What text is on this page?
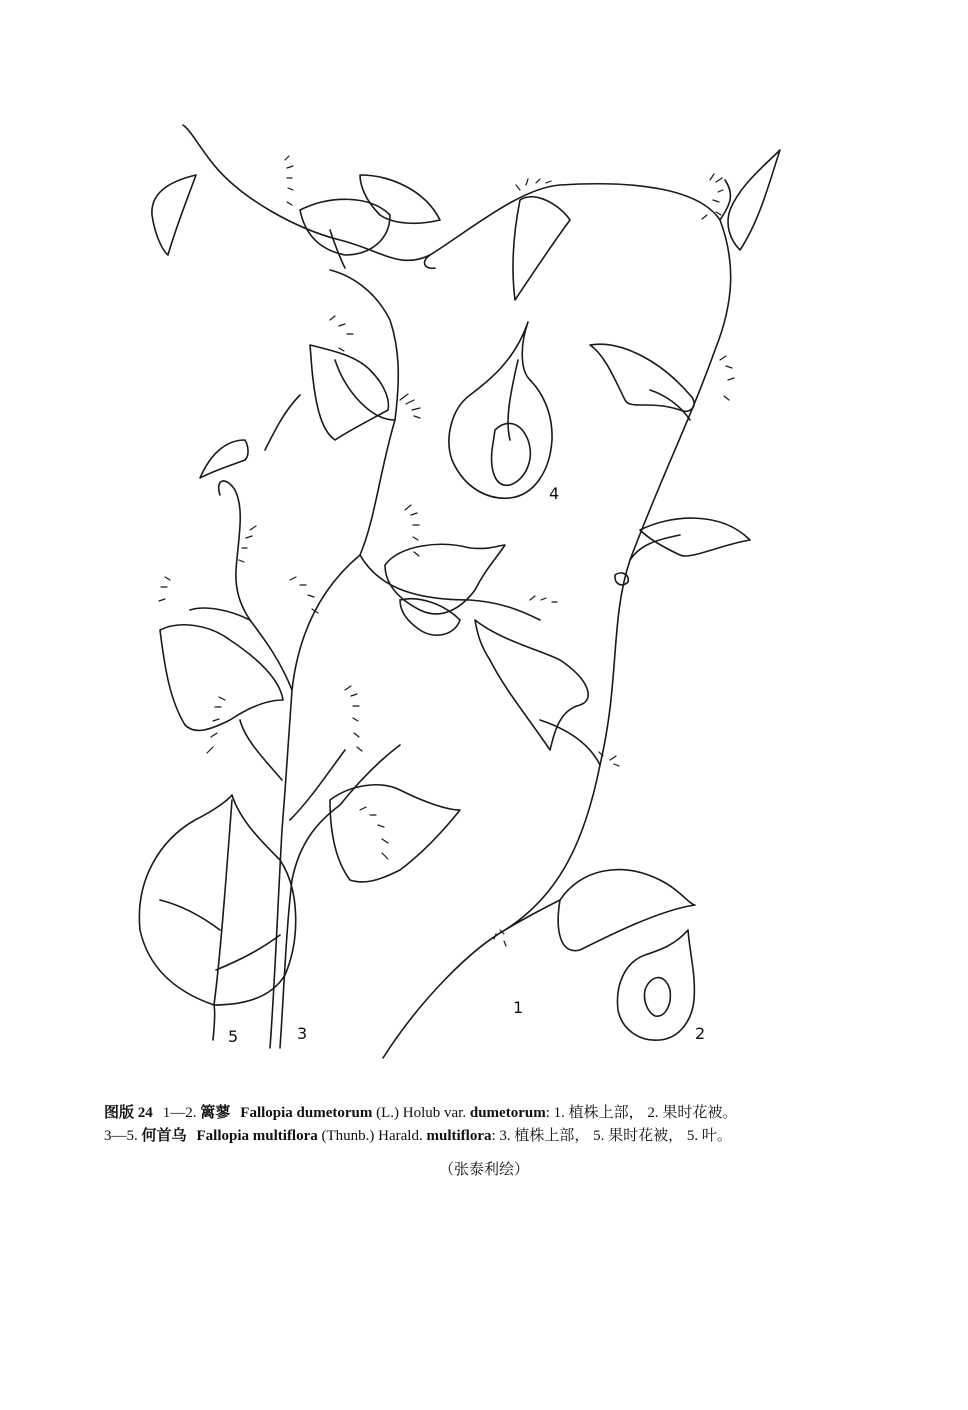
1
2
3
4
5
图版 24 1—2. 篱蓼 Fallopia dumetorum (L.) Holub var. dumetorum: 1. 植株上部， 2. 果时花被。
3—5. 何首乌 Fallopia multiflora (Thunb.) Harald. multiflora: 3. 植株上部， 5. 果时花被， 5. 叶。
（张泰利绘）
